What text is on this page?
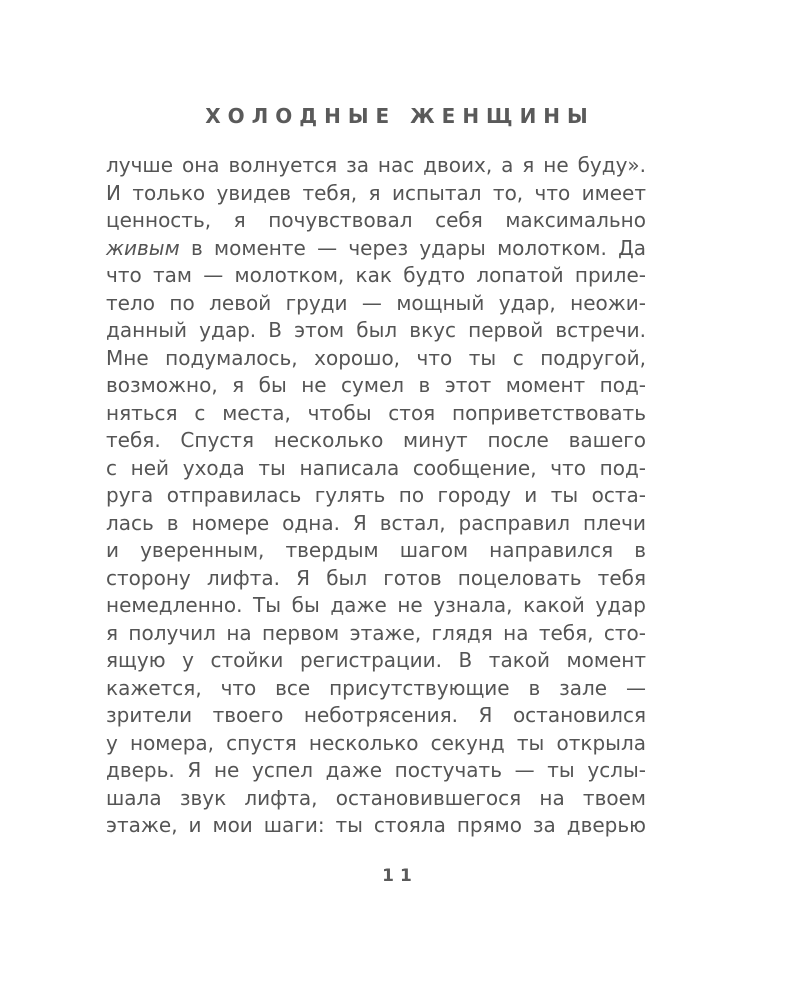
ХОЛОДНЫЕ ЖЕНЩИНЫ
лучше она волнуется за нас двоих, а я не буду».
И только увидев тебя, я испытал то, что имеет
ценность, я почувствовал себя максимально
живым в моменте — через удары молотком. Да
что там — молотком, как будто лопатой приле-
тело по левой груди — мощный удар, неожи-
данный удар. В этом был вкус первой встречи.
Мне подумалось, хорошо, что ты с подругой,
возможно, я бы не сумел в этот момент под-
няться с места, чтобы стоя поприветствовать
тебя. Спустя несколько минут после вашего
с ней ухода ты написала сообщение, что под-
руга отправилась гулять по городу и ты оста-
лась в номере одна. Я встал, расправил плечи
и уверенным, твердым шагом направился в
сторону лифта. Я был готов поцеловать тебя
немедленно. Ты бы даже не узнала, какой удар
я получил на первом этаже, глядя на тебя, сто-
ящую у стойки регистрации. В такой момент
кажется, что все присутствующие в зале —
зрители твоего неботрясения. Я остановился
у номера, спустя несколько секунд ты открыла
дверь. Я не успел даже постучать — ты услы-
шала звук лифта, остановившегося на твоем
этаже, и мои шаги: ты стояла прямо за дверью
11
